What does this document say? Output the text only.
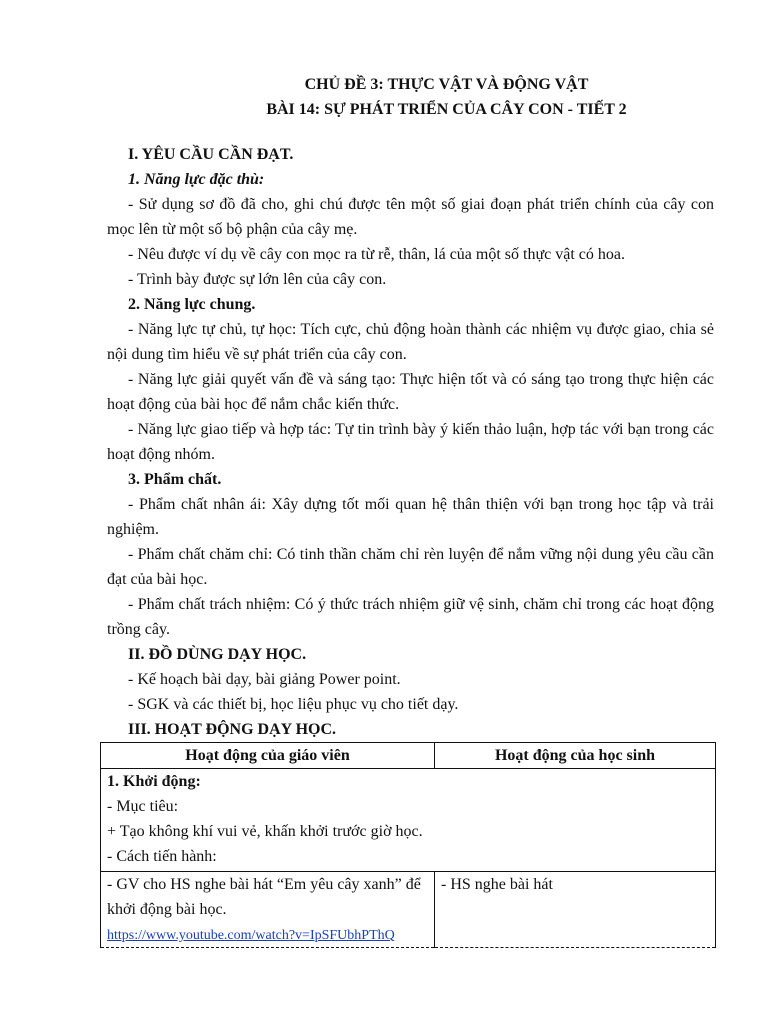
CHỦ ĐỀ 3: THỰC VẬT VÀ ĐỘNG VẬT
BÀI 14: SỰ PHÁT TRIỂN CỦA CÂY CON - TIẾT 2
I. YÊU CẦU CẦN ĐẠT.
1. Năng lực đặc thù:
- Sử dụng sơ đồ đã cho, ghi chú được tên một số giai đoạn phát triển chính của cây con mọc lên từ một số bộ phận của cây mẹ.
- Nêu được ví dụ về cây con mọc ra từ rễ, thân, lá của một số thực vật có hoa.
- Trình bày được sự lớn lên của cây con.
2. Năng lực chung.
- Năng lực tự chủ, tự học: Tích cực, chủ động hoàn thành các nhiệm vụ được giao, chia sẻ nội dung tìm hiểu về sự phát triển của cây con.
- Năng lực giải quyết vấn đề và sáng tạo: Thực hiện tốt và có sáng tạo trong thực hiện các hoạt động của bài học để nắm chắc kiến thức.
- Năng lực giao tiếp và hợp tác: Tự tin trình bày ý kiến thảo luận, hợp tác với bạn trong các hoạt động nhóm.
3. Phẩm chất.
- Phẩm chất nhân ái: Xây dựng tốt mối quan hệ thân thiện với bạn trong học tập và trải nghiệm.
- Phẩm chất chăm chỉ: Có tinh thần chăm chỉ rèn luyện để nắm vững nội dung yêu cầu cần đạt của bài học.
- Phẩm chất trách nhiệm: Có ý thức trách nhiệm giữ vệ sinh, chăm chỉ trong các hoạt động trồng cây.
II. ĐỒ DÙNG DẠY HỌC.
- Kế hoạch bài dạy, bài giảng Power point.
- SGK và các thiết bị, học liệu phục vụ cho tiết dạy.
III. HOẠT ĐỘNG DẠY HỌC.
Hoạt động của giáo viên	Hoạt động của học sinh

1. Khởi động:
- Mục tiêu:
+ Tạo không khí vui vẻ, khấn khởi trước giờ học.
- Cách tiến hành:	

- GV cho HS nghe bài hát “Em yêu cây xanh” để khởi động bài học.
https://www.youtube.com/watch?v=IpSFUbhPThQ	- HS nghe bài hát
